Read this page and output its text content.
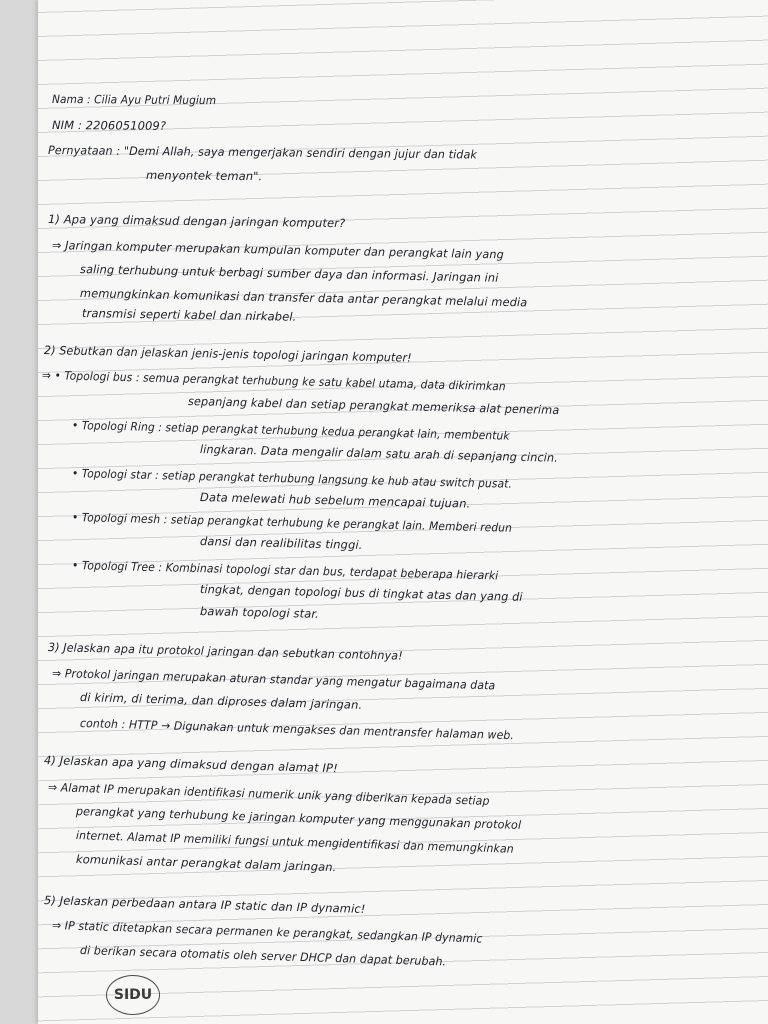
Nama : Cilia Ayu Putri Mugium
NIM : 2206051009?
Pernyataan : "Demi Allah, saya mengerjakan sendiri dengan jujur dan tidak
menyontek teman".
1) Apa yang dimaksud dengan jaringan komputer?
⇒ Jaringan komputer merupakan kumpulan komputer dan perangkat lain yang
saling terhubung untuk berbagi sumber daya dan informasi. Jaringan ini
memungkinkan komunikasi dan transfer data antar perangkat melalui media
transmisi seperti kabel dan nirkabel.
2) Sebutkan dan jelaskan jenis-jenis topologi jaringan komputer!
⇒ • Topologi bus : semua perangkat terhubung ke satu kabel utama, data dikirimkan
sepanjang kabel dan setiap perangkat memeriksa alat penerima
• Topologi Ring : setiap perangkat terhubung kedua perangkat lain, membentuk
lingkaran. Data mengalir dalam satu arah di sepanjang cincin.
• Topologi star : setiap perangkat terhubung langsung ke hub atau switch pusat.
Data melewati hub sebelum mencapai tujuan.
• Topologi mesh : setiap perangkat terhubung ke perangkat lain. Memberi redun
dansi dan realibilitas tinggi.
• Topologi Tree : Kombinasi topologi star dan bus, terdapat beberapa hierarki
tingkat, dengan topologi bus di tingkat atas dan yang di
bawah topologi star.
3) Jelaskan apa itu protokol jaringan dan sebutkan contohnya!
⇒ Protokol jaringan merupakan aturan standar yang mengatur bagaimana data
di kirim, di terima, dan diproses dalam jaringan.
contoh : HTTP → Digunakan untuk mengakses dan mentransfer halaman web.
4) Jelaskan apa yang dimaksud dengan alamat IP!
⇒ Alamat IP merupakan identifikasi numerik unik yang diberikan kepada setiap
perangkat yang terhubung ke jaringan komputer yang menggunakan protokol
internet. Alamat IP memiliki fungsi untuk mengidentifikasi dan memungkinkan
komunikasi antar perangkat dalam jaringan.
5) Jelaskan perbedaan antara IP static dan IP dynamic!
⇒ IP static ditetapkan secara permanen ke perangkat, sedangkan IP dynamic
di berikan secara otomatis oleh server DHCP dan dapat berubah.
SIDU
